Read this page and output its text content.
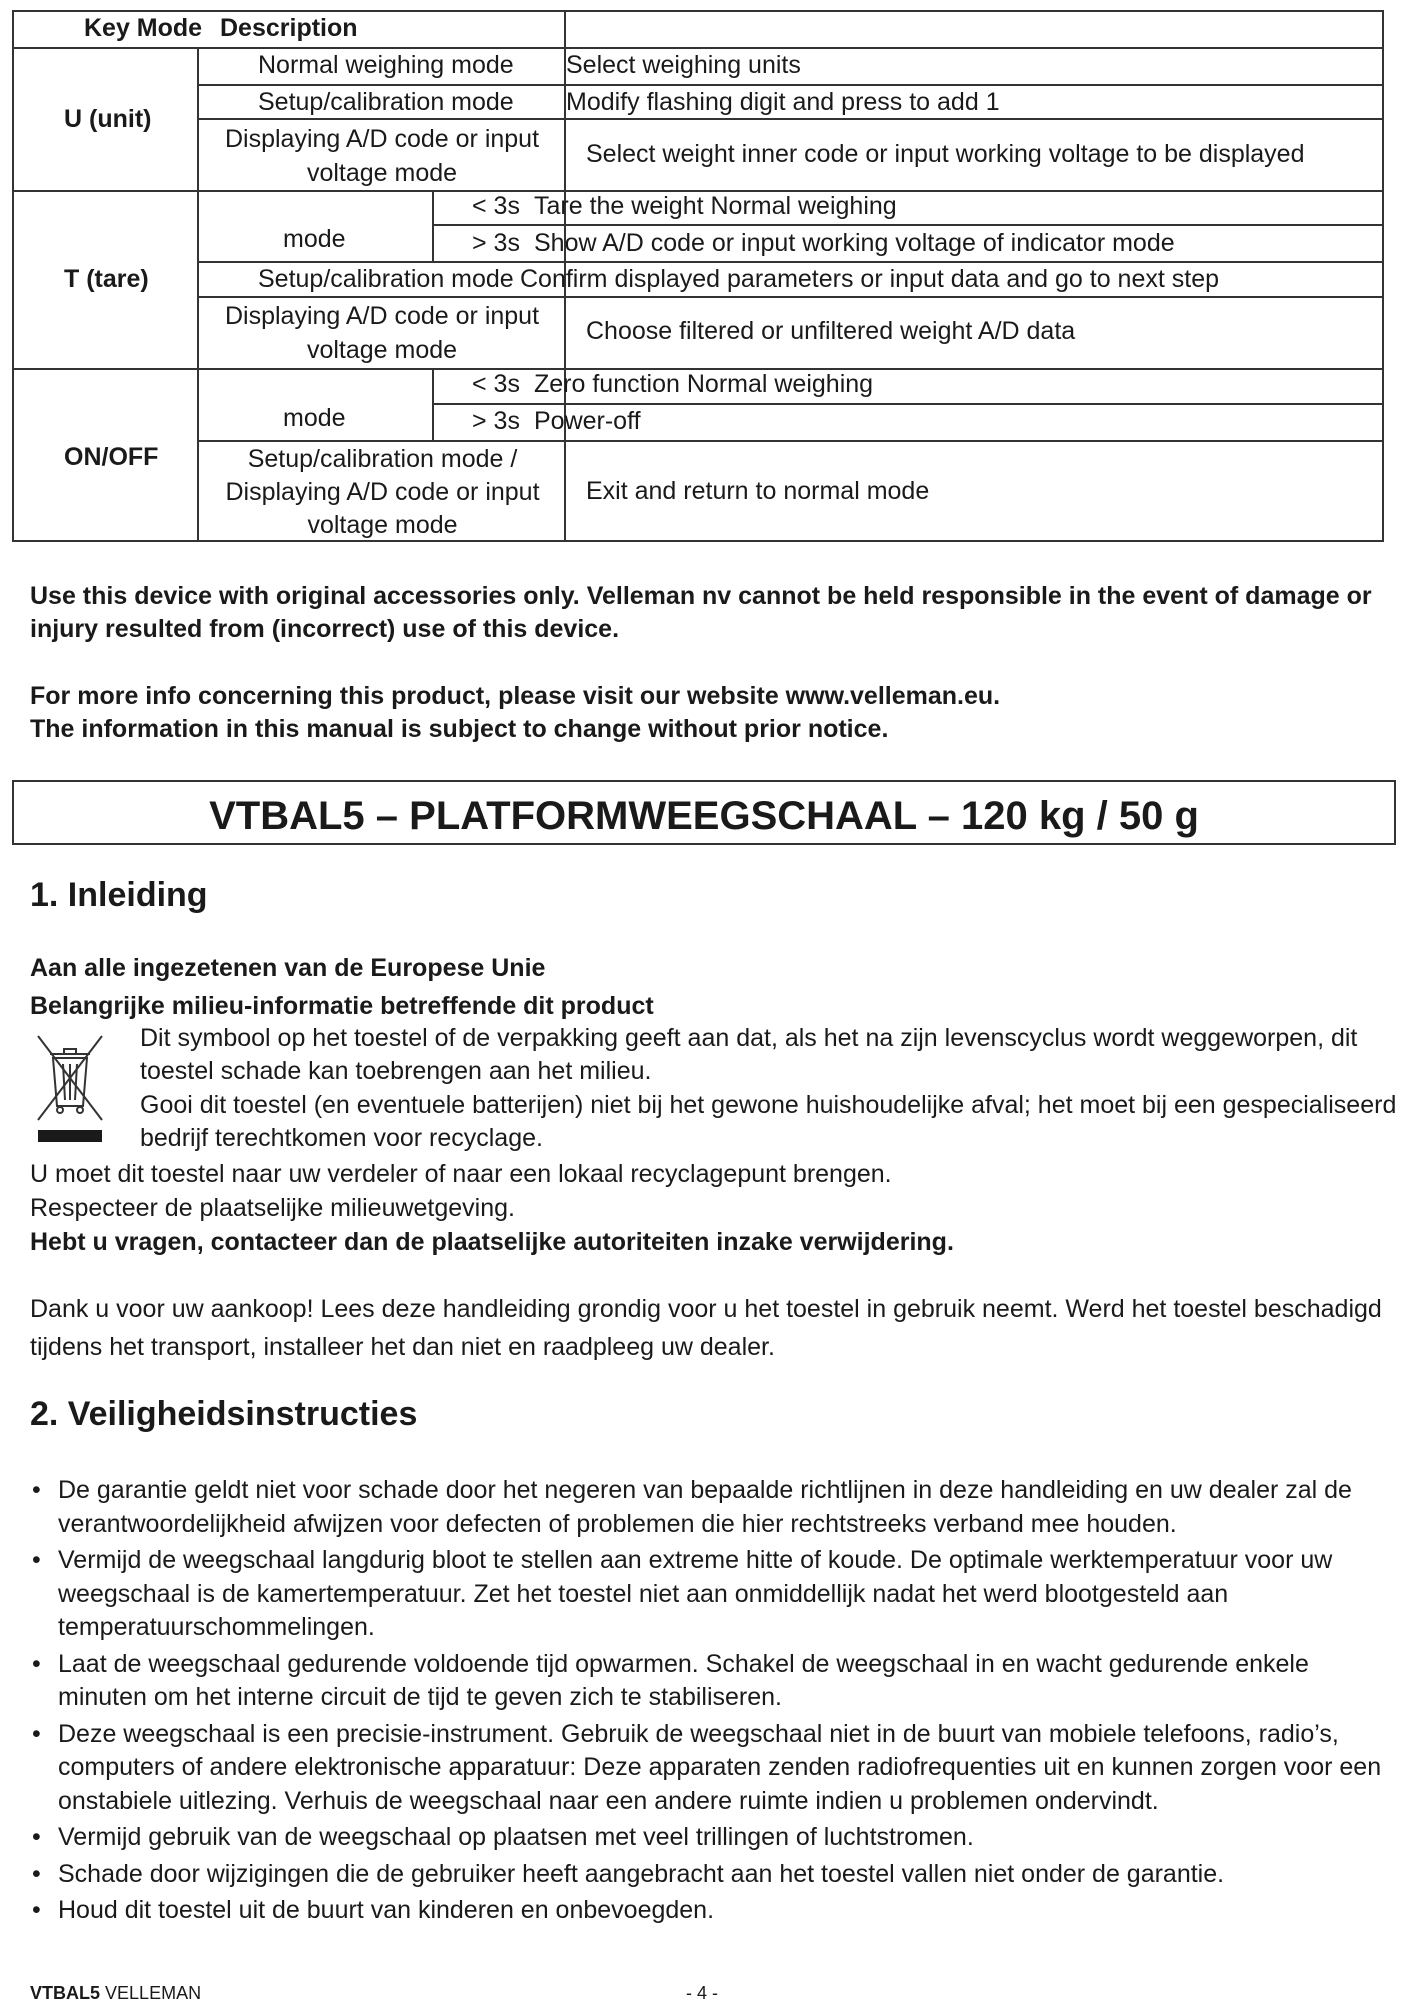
Key Mode Description
U (unit)
Normal weighing mode Select weighing units
Setup/calibration mode Modify flashing digit and press to add 1
Displaying A/D code or input voltage mode
Select weight inner code or input working voltage to be displayed
T (tare)
mode
< 3s Tare the weight Normal weighing
> 3s Show A/D code or input working voltage of indicator mode
Setup/calibration mode Confirm displayed parameters or input data and go to next step
Displaying A/D code or input voltage mode
Choose filtered or unfiltered weight A/D data
ON/OFF
mode
< 3s Zero function Normal weighing
> 3s Power-off
Setup/calibration mode / Displaying A/D code or input voltage mode
Exit and return to normal mode
Use this device with original accessories only. Velleman nv cannot be held responsible in the event of damage or
injury resulted from (incorrect) use of this device.
For more info concerning this product, please visit our website www.velleman.eu.
The information in this manual is subject to change without prior notice.
VTBAL5 – PLATFORMWEEGSCHAAL – 120 kg / 50 g
1. Inleiding
Aan alle ingezetenen van de Europese Unie
Belangrijke milieu-informatie betreffende dit product
Dit symbool op het toestel of de verpakking geeft aan dat, als het na zijn levenscyclus wordt weggeworpen, dit
toestel schade kan toebrengen aan het milieu.
Gooi dit toestel (en eventuele batterijen) niet bij het gewone huishoudelijke afval; het moet bij een gespecialiseerd
bedrijf terechtkomen voor recyclage.
U moet dit toestel naar uw verdeler of naar een lokaal recyclagepunt brengen.
Respecteer de plaatselijke milieuwetgeving.
Hebt u vragen, contacteer dan de plaatselijke autoriteiten inzake verwijdering.
Dank u voor uw aankoop! Lees deze handleiding grondig voor u het toestel in gebruik neemt. Werd het toestel beschadigd
tijdens het transport, installeer het dan niet en raadpleeg uw dealer.
2. Veiligheidsinstructies
• De garantie geldt niet voor schade door het negeren van bepaalde richtlijnen in deze handleiding en uw dealer zal de verantwoordelijkheid afwijzen voor defecten of problemen die hier rechtstreeks verband mee houden.
• Vermijd de weegschaal langdurig bloot te stellen aan extreme hitte of koude. De optimale werktemperatuur voor uw weegschaal is de kamertemperatuur. Zet het toestel niet aan onmiddellijk nadat het werd blootgesteld aan temperatuurschommelingen.
• Laat de weegschaal gedurende voldoende tijd opwarmen. Schakel de weegschaal in en wacht gedurende enkele minuten om het interne circuit de tijd te geven zich te stabiliseren.
• Deze weegschaal is een precisie-instrument. Gebruik de weegschaal niet in de buurt van mobiele telefoons, radio’s, computers of andere elektronische apparatuur: Deze apparaten zenden radiofrequenties uit en kunnen zorgen voor een onstabiele uitlezing. Verhuis de weegschaal naar een andere ruimte indien u problemen ondervindt.
• Vermijd gebruik van de weegschaal op plaatsen met veel trillingen of luchtstromen.
• Schade door wijzigingen die de gebruiker heeft aangebracht aan het toestel vallen niet onder de garantie.
• Houd dit toestel uit de buurt van kinderen en onbevoegden.
VTBAL5 VELLEMAN	- 4 -
